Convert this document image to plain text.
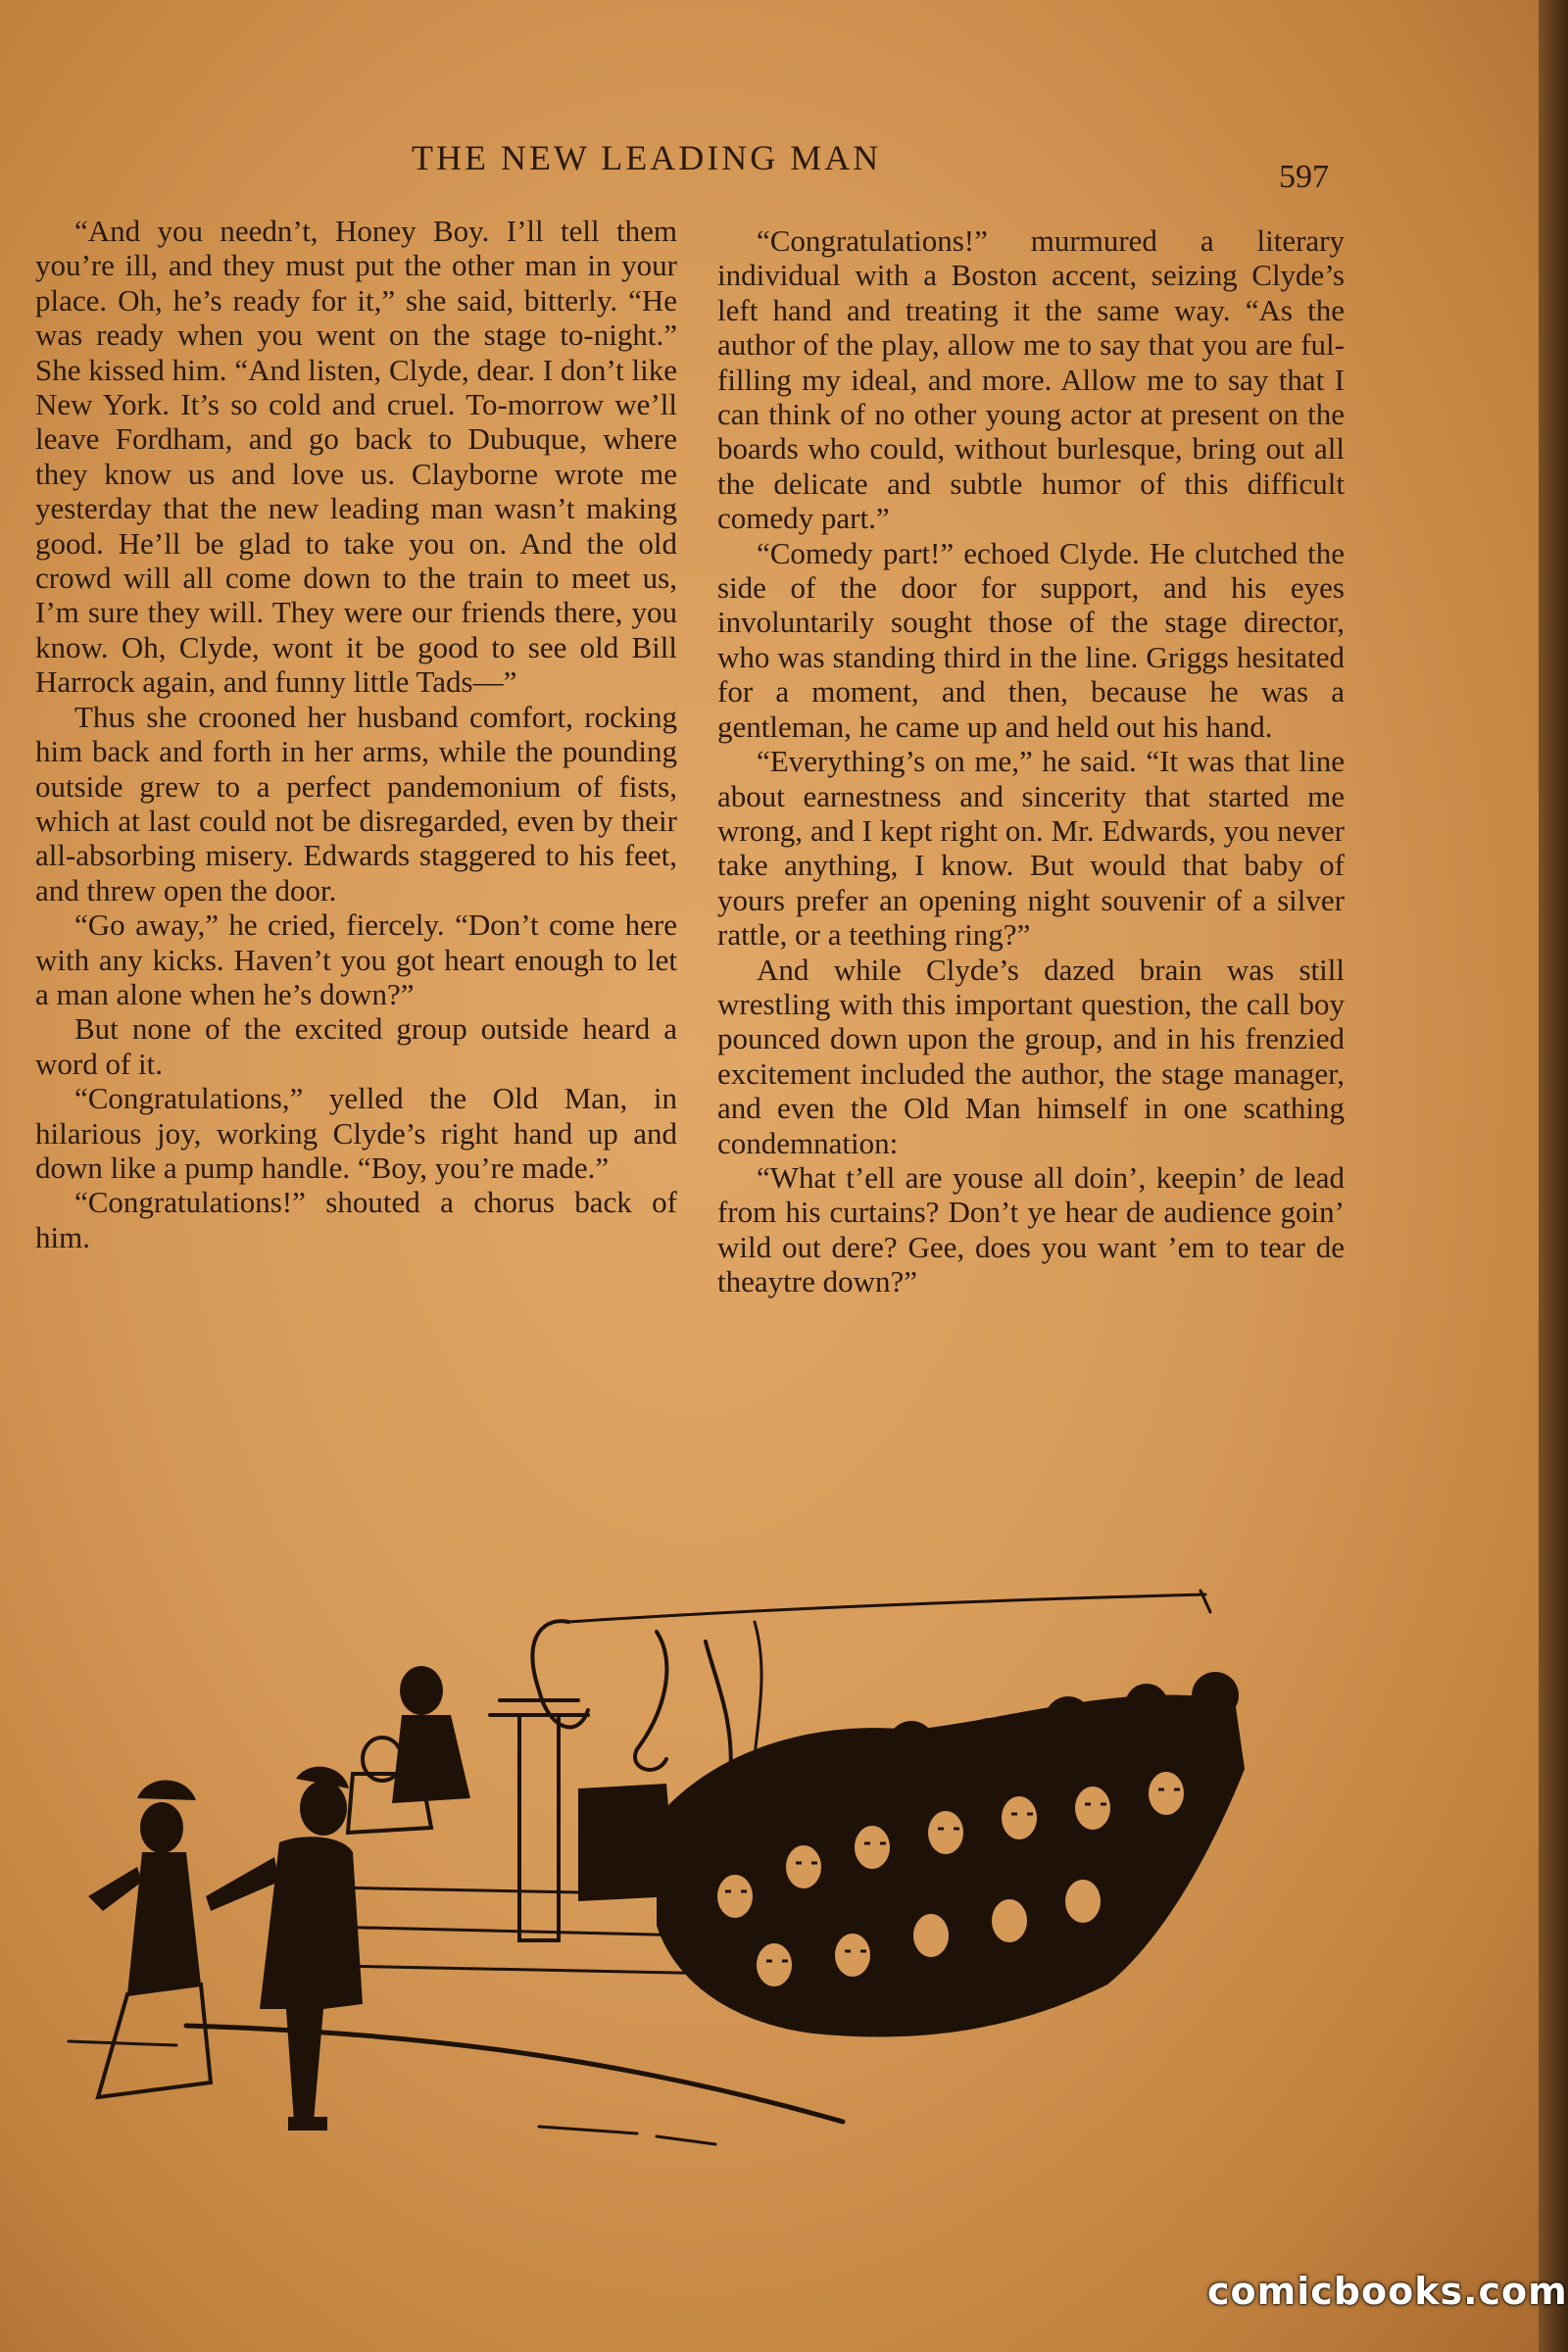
THE NEW LEADING MAN	597

“And you needn’t, Honey Boy. I’ll tell them you’re ill, and they must put the other man in your place. Oh, he’s ready for it,” she said, bitterly. “He was ready when you went on the stage to-night.” She kissed him. “And listen, Clyde, dear. I don’t like New York. It’s so cold and cruel. To-morrow we’ll leave Fordham, and go back to Dubuque, where they know us and love us. Clayborne wrote me yesterday that the new leading man wasn’t making good. He’ll be glad to take you on. And the old crowd will all come down to the train to meet us, I’m sure they will. They were our friends there, you know. Oh, Clyde, wont it be good to see old Bill Harrock again, and funny little Tads—”

Thus she crooned her husband comfort, rocking him back and forth in her arms, while the pounding outside grew to a perfect pandemonium of fists, which at last could not be disregarded, even by their all-absorbing misery. Edwards staggered to his feet, and threw open the door.

“Go away,” he cried, fiercely. “Don’t come here with any kicks. Haven’t you got heart enough to let a man alone when he’s down?”

But none of the excited group outside heard a word of it.

“Congratulations,” yelled the Old Man, in hilarious joy, working Clyde’s right hand up and down like a pump handle. “Boy, you’re made.”

“Congratulations!” shouted a chorus back of him.

“Congratulations!” murmured a literary individual with a Boston accent, seizing Clyde’s left hand and treating it the same way. “As the author of the play, allow me to say that you are fulfilling my ideal, and more. Allow me to say that I can think of no other young actor at present on the boards who could, without burlesque, bring out all the delicate and subtle humor of this difficult comedy part.”

“Comedy part!” echoed Clyde. He clutched the side of the door for support, and his eyes involuntarily sought those of the stage director, who was standing third in the line. Griggs hesitated for a moment, and then, because he was a gentleman, he came up and held out his hand.

“Everything’s on me,” he said. “It was that line about earnestness and sincerity that started me wrong, and I kept right on. Mr. Edwards, you never take anything, I know. But would that baby of yours prefer an opening night souvenir of a silver rattle, or a teething ring?”

And while Clyde’s dazed brain was still wrestling with this important question, the call boy pounced down upon the group, and in his frenzied excitement included the author, the stage manager, and even the Old Man himself in one scathing condemnation:

“What t’ell are youse all doin’, keepin’ de lead from his curtains? Don’t ye hear de audience goin’ wild out dere? Gee, does you want ’em to tear de theaytre down?”

comicbooks.com
